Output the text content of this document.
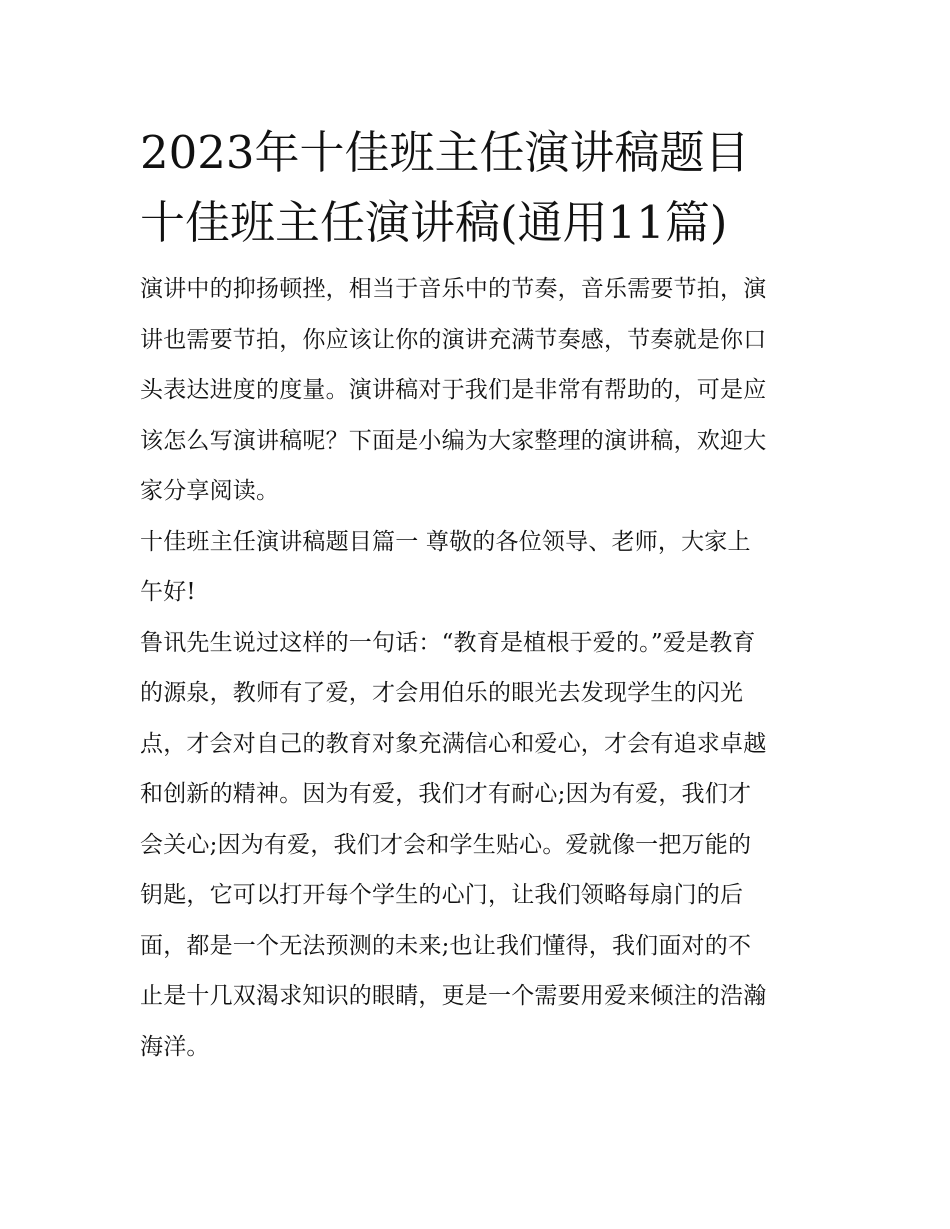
2023年十佳班主任演讲稿题目
十佳班主任演讲稿(通用11篇)

演讲中的抑扬顿挫，相当于音乐中的节奏，音乐需要节拍，演
讲也需要节拍，你应该让你的演讲充满节奏感，节奏就是你口
头表达进度的度量。演讲稿对于我们是非常有帮助的，可是应
该怎么写演讲稿呢？下面是小编为大家整理的演讲稿，欢迎大
家分享阅读。

十佳班主任演讲稿题目篇一 尊敬的各位领导、老师，大家上
午好!

鲁讯先生说过这样的一句话：“教育是植根于爱的。”爱是教育
的源泉，教师有了爱，才会用伯乐的眼光去发现学生的闪光
点，才会对自己的教育对象充满信心和爱心，才会有追求卓越
和创新的精神。因为有爱，我们才有耐心;因为有爱，我们才
会关心;因为有爱，我们才会和学生贴心。爱就像一把万能的
钥匙，它可以打开每个学生的心门，让我们领略每扇门的后
面，都是一个无法预测的未来;也让我们懂得，我们面对的不
止是十几双渴求知识的眼睛，更是一个需要用爱来倾注的浩瀚
海洋。
